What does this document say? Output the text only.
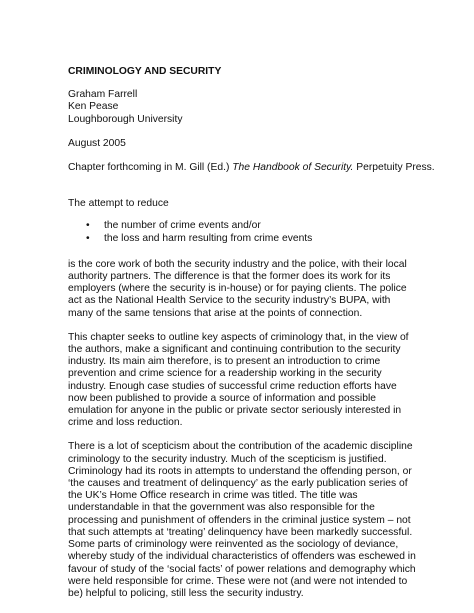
CRIMINOLOGY AND SECURITY
Graham Farrell
Ken Pease
Loughborough University
August 2005
Chapter forthcoming in M. Gill (Ed.) The Handbook of Security. Perpetuity Press.
The attempt to reduce
• the number of crime events and/or
• the loss and harm resulting from crime events

is the core work of both the security industry and the police, with their local authority partners. The difference is that the former does its work for its employers (where the security is in-house) or for paying clients. The police act as the National Health Service to the security industry’s BUPA, with many of the same tensions that arise at the points of connection.

This chapter seeks to outline key aspects of criminology that, in the view of the authors, make a significant and continuing contribution to the security industry. Its main aim therefore, is to present an introduction to crime prevention and crime science for a readership working in the security industry. Enough case studies of successful crime reduction efforts have now been published to provide a source of information and possible emulation for anyone in the public or private sector seriously interested in crime and loss reduction.

There is a lot of scepticism about the contribution of the academic discipline criminology to the security industry. Much of the scepticism is justified. Criminology had its roots in attempts to understand the offending person, or ‘the causes and treatment of delinquency’ as the early publication series of the UK’s Home Office research in crime was titled. The title was understandable in that the government was also responsible for the processing and punishment of offenders in the criminal justice system – not that such attempts at ‘treating’ delinquency have been markedly successful. Some parts of criminology were reinvented as the sociology of deviance, whereby study of the individual characteristics of offenders was eschewed in favour of study of the ‘social facts’ of power relations and demography which were held responsible for crime. These were not (and were not intended to be) helpful to policing, still less the security industry.
